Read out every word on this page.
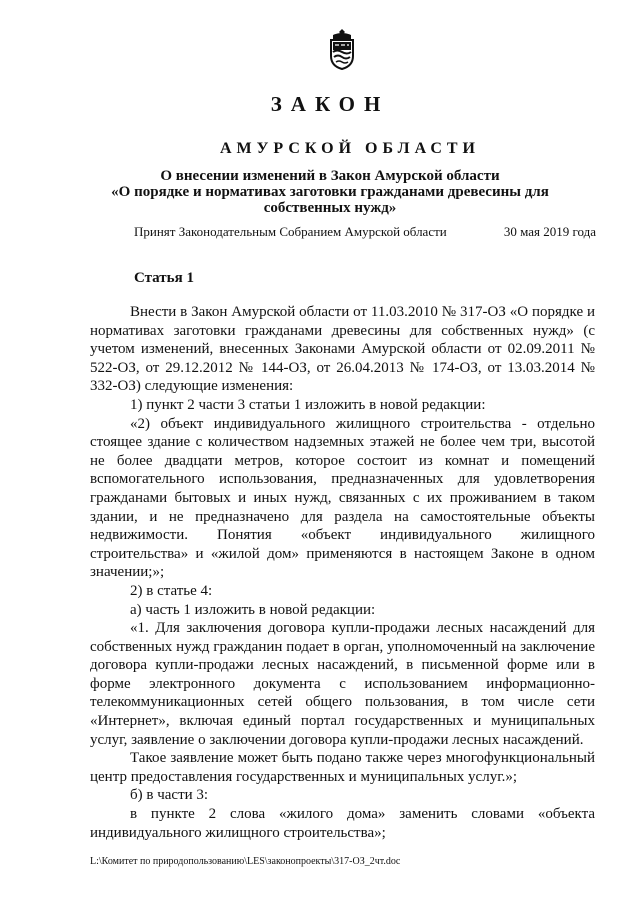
ЗАКОН
АМУРСКОЙ ОБЛАСТИ
О внесении изменений в Закон Амурской области
«О порядке и нормативах заготовки гражданами древесины для собственных нужд»
Принят Законодательным Собранием Амурской области	30 мая 2019 года
Статья 1

Внести в Закон Амурской области от 11.03.2010 № 317-ОЗ «О порядке и нормативах заготовки гражданами древесины для собственных нужд» (с учетом изменений, внесенных Законами Амурской области от 02.09.2011 № 522-ОЗ, от 29.12.2012 № 144-ОЗ, от 26.04.2013 № 174-ОЗ, от 13.03.2014 № 332-ОЗ) следующие изменения:

1) пункт 2 части 3 статьи 1 изложить в новой редакции:

«2) объект индивидуального жилищного строительства - отдельно стоящее здание с количеством надземных этажей не более чем три, высотой не более двадцати метров, которое состоит из комнат и помещений вспомогательного использования, предназначенных для удовлетворения гражданами бытовых и иных нужд, связанных с их проживанием в таком здании, и не предназначено для раздела на самостоятельные объекты недвижимости. Понятия «объект индивидуального жилищного строительства» и «жилой дом» применяются в настоящем Законе в одном значении;»;

2) в статье 4:

а) часть 1 изложить в новой редакции:

«1. Для заключения договора купли-продажи лесных насаждений для собственных нужд гражданин подает в орган, уполномоченный на заключение договора купли-продажи лесных насаждений, в письменной форме или в форме электронного документа с использованием информационно-телекоммуникационных сетей общего пользования, в том числе сети «Интернет», включая единый портал государственных и муниципальных услуг, заявление о заключении договора купли-продажи лесных насаждений.

Такое заявление может быть подано также через многофункциональный центр предоставления государственных и муниципальных услуг.»;

б) в части 3:

в пункте 2 слова «жилого дома» заменить словами «объекта индивидуального жилищного строительства»;

L:\Комитет по природопользованию\LES\законопроекты\317-ОЗ_2чт.doc
